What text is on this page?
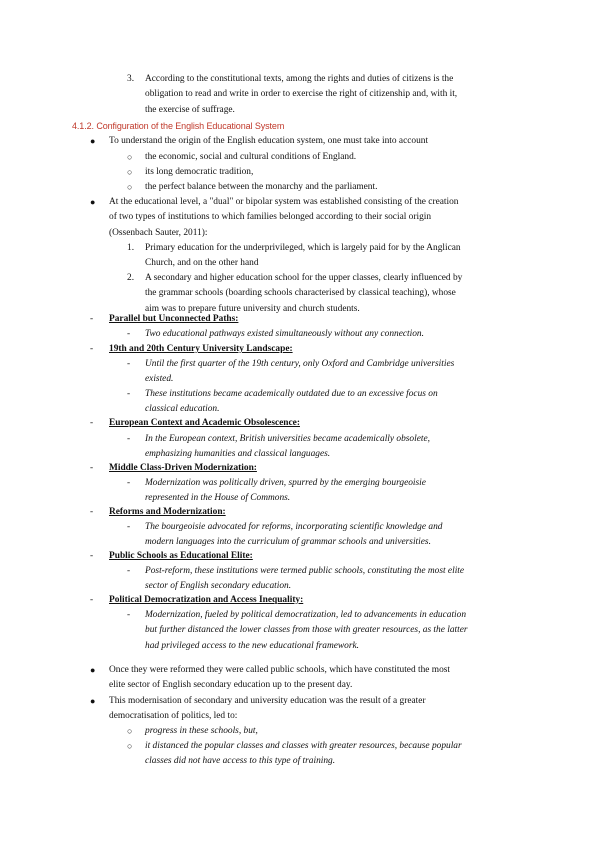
3. According to the constitutional texts, among the rights and duties of citizens is the

obligation to read and write in order to exercise the right of citizenship and, with it,

the exercise of suffrage.

4.1.2. Configuration of the English Educational System
● To understand the origin of the English education system, one must take into account

○ the economic, social and cultural conditions of England.

○ its long democratic tradition,

○ the perfect balance between the monarchy and the parliament.

● At the educational level, a "dual" or bipolar system was established consisting of the creation

of two types of institutions to which families belonged according to their social origin

(Ossenbach Sauter, 2011):

1. Primary education for the underprivileged, which is largely paid for by the Anglican

Church, and on the other hand

2. A secondary and higher education school for the upper classes, clearly influenced by

the grammar schools (boarding schools characterised by classical teaching), whose

aim was to prepare future university and church students.

- Parallel but Unconnected Paths:

- Two educational pathways existed simultaneously without any connection.

- 19th and 20th Century University Landscape:

- Until the first quarter of the 19th century, only Oxford and Cambridge universities

existed.

- These institutions became academically outdated due to an excessive focus on

classical education.

- European Context and Academic Obsolescence:

- In the European context, British universities became academically obsolete,

emphasizing humanities and classical languages.

- Middle Class-Driven Modernization:

- Modernization was politically driven, spurred by the emerging bourgeoisie

represented in the House of Commons.

- Reforms and Modernization:

- The bourgeoisie advocated for reforms, incorporating scientific knowledge and

modern languages into the curriculum of grammar schools and universities.

- Public Schools as Educational Elite:

- Post-reform, these institutions were termed public schools, constituting the most elite

sector of English secondary education.

- Political Democratization and Access Inequality:

- Modernization, fueled by political democratization, led to advancements in education

but further distanced the lower classes from those with greater resources, as the latter

had privileged access to the new educational framework.

● Once they were reformed they were called public schools, which have constituted the most

elite sector of English secondary education up to the present day.

● This modernisation of secondary and university education was the result of a greater

democratisation of politics, led to:

○ progress in these schools, but,

○ it distanced the popular classes and classes with greater resources, because popular

classes did not have access to this type of training.
